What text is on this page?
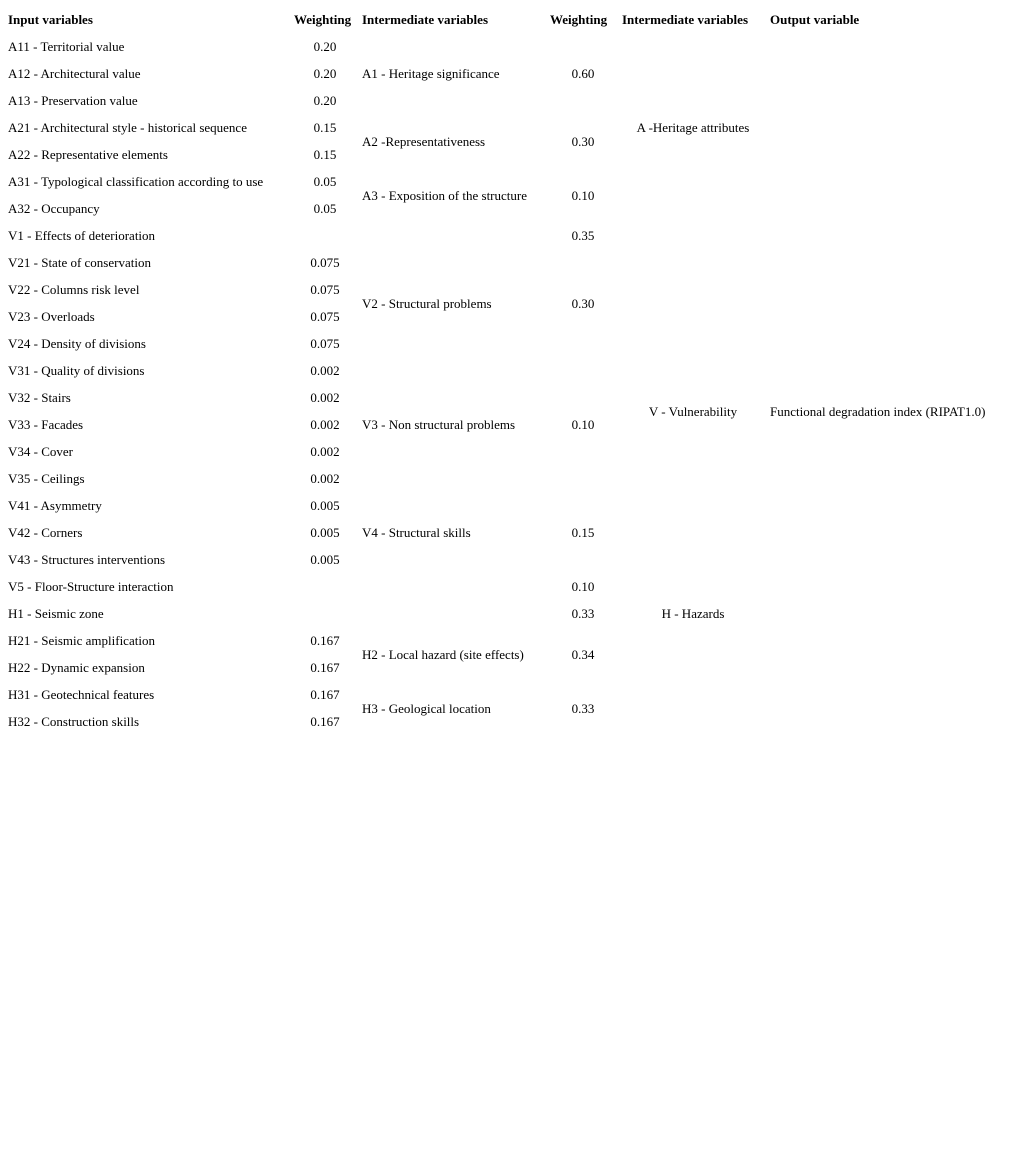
Input variables	Weighting	Intermediate variables	Weighting	Intermediate variables	Output variable
A11 - Territorial value	0.20	A1 - Heritage significance	0.60	A -Heritage attributes	
A12 - Architectural value	0.20				
A13 - Preservation value	0.20				
A21 - Architectural style - historical sequence	0.15	A2 -Representativeness	0.30		
A22 - Representative elements	0.15				
A31 - Typological classification according to use	0.05	A3 - Exposition of the structure	0.10		
A32 - Occupancy	0.05				
V1 - Effects of deterioration			0.35	V - Vulnerability	Functional degradation index (RIPAT1.0)
V21 - State of conservation	0.075	V2 - Structural problems	0.30		
V22 - Columns risk level	0.075				
V23 - Overloads	0.075				
V24 - Density of divisions	0.075				
V31 - Quality of divisions	0.002	V3 - Non structural problems	0.10		
V32 - Stairs	0.002				
V33 - Facades	0.002				
V34 - Cover	0.002				
V35 - Ceilings	0.002				
V41 - Asymmetry	0.005	V4 - Structural skills	0.15		
V42 - Corners	0.005				
V43 - Structures interventions	0.005				
V5 - Floor-Structure interaction			0.10		
H1 - Seismic zone			0.33	H - Hazards	
H21 - Seismic amplification	0.167	H2 - Local hazard (site effects)	0.34		
H22 - Dynamic expansion	0.167				
H31 - Geotechnical features	0.167	H3 - Geological location	0.33		
H32 - Construction skills	0.167				
